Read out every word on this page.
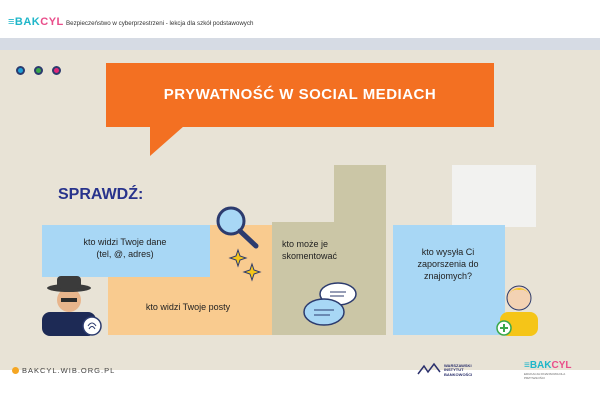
≡BAKCYL Bezpieczeństwo w cyberprzestrzeni - lekcja dla szkół podstawowych
PRYWATNOŚĆ W SOCIAL MEDIACH
SPRAWDŹ:
kto widzi Twoje dane
(tel, @, adres)
kto widzi Twoje posty
kto może je
skomentować	kto wysyła Ci
zaporszenia do
znajomych?
BAKCYL.WIB.ORG.PL
WARSZAWSKI
INSTYTUT
BANKOWOŚCI
≡BAKCYL
EDUKACJA FINANSOWA DLA PRZYSZŁOŚCI
